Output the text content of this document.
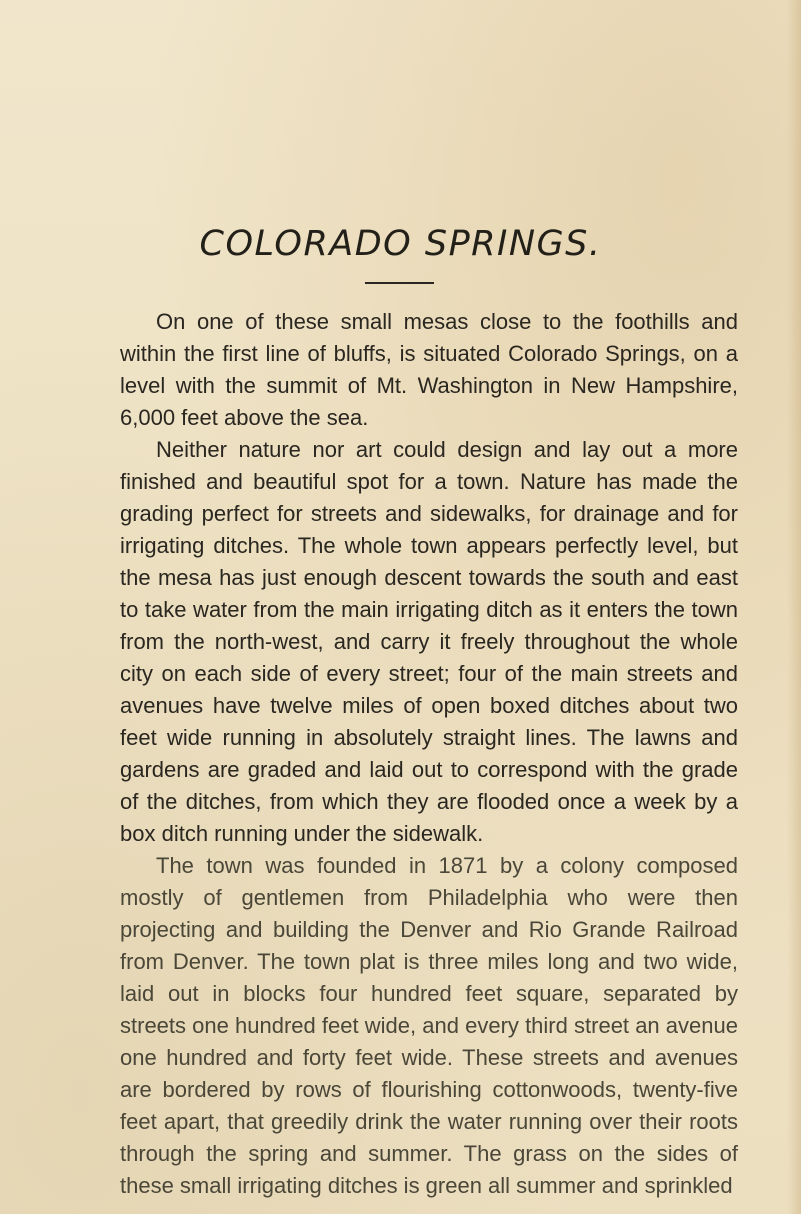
COLORADO SPRINGS.

On one of these small mesas close to the foothills and within the first line of bluffs, is situated Colorado Springs, on a level with the summit of Mt. Washington in New Hampshire, 6,000 feet above the sea.

Neither nature nor art could design and lay out a more finished and beautiful spot for a town. Nature has made the grading perfect for streets and sidewalks, for drainage and for irrigating ditches. The whole town appears perfectly level, but the mesa has just enough descent towards the south and east to take water from the main irrigating ditch as it enters the town from the north-west, and carry it freely throughout the whole city on each side of every street; four of the main streets and avenues have twelve miles of open boxed ditches about two feet wide running in absolutely straight lines. The lawns and gardens are graded and laid out to correspond with the grade of the ditches, from which they are flooded once a week by a box ditch running under the sidewalk.

The town was founded in 1871 by a colony composed mostly of gentlemen from Philadelphia who were then projecting and building the Denver and Rio Grande Railroad from Denver. The town plat is three miles long and two wide, laid out in blocks four hundred feet square, separated by streets one hundred feet wide, and every third street an avenue one hundred and forty feet wide. These streets and avenues are bordered by rows of flourishing cottonwoods, twenty-five feet apart, that greedily drink the water running over their roots through the spring and summer. The grass on the sides of these small irrigating ditches is green all summer and sprinkled
